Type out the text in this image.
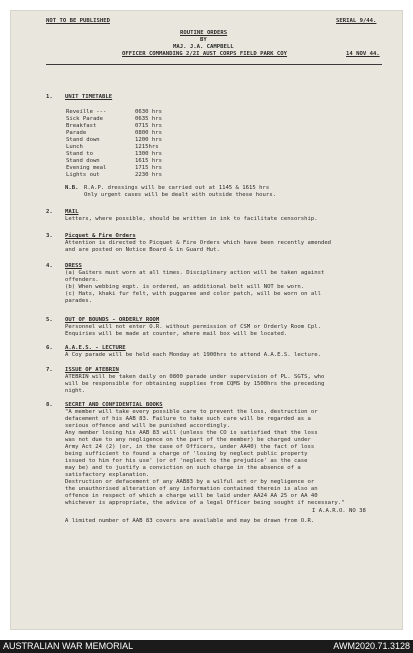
NOT TO BE PUBLISHED	SERIAL 9/44.
ROUTINE ORDERS
BY
MAJ. J.A. CAMPBELL
OFFICER COMMANDING 2/2I AUST CORPS FIELD PARK COY	14 NOV 44.
1. UNIT TIMETABLE
Reveille ---	0630 hrs
Sick Parade	0635 hrs
Breakfast	0715 hrs
Parade	0800 hrs
Stand down	1200 hrs
Lunch	1215hrs
Stand to	1300 hrs
Stand down	1615 hrs
Evening meal	1715 hrs
Lights out	2230 hrs
N.B. R.A.P. dressings will be carried out at 1145 & 1615 hrs
Only urgent cases will be dealt with outside these hours.
2. MAIL
Letters, where possible, should be written in ink to facilitate censorship.
3. Picquet & Fire Orders
Attention is directed to Picquet & Fire Orders which have been recently amended
and are posted on Notice Board & in Guard Hut.
4. DRESS
(a) Gaiters must worn at all times. Disciplinary action will be taken against
offenders.
(b) When webbing eqpt. is ordered, an additional belt will NOT be worn.
(c) Hats, khaki fur felt, with puggaree and color patch, will be worn on all
parades.
5. OUT OF BOUNDS - ORDERLY ROOM
Personnel will not enter O.R. without permission of CSM or Orderly Room Cpl.
Enquiries will be made at counter, where mail box will be located.
6. A.A.E.S. - LECTURE
A Coy parade will be held each Monday at 1900hrs to attend A.A.E.S. lecture.
7. ISSUE OF ATEBRIN
ATEBRIN will be taken daily on 0800 parade under supervision of PL. SGTS, who
will be responsible for obtaining supplies from CQMS by 1500hrs the preceding
night.
8. SECRET AND CONFIDENTIAL BOOKS
"A member will take every possible care to prevent the loss, destruction or
defacement of his AAB 83. Failure to take such care will be regarded as a
serious offence and will be punished accordingly.
Any member losing his AAB 83 will (unless the CO is satisfied that the loss
was not due to any negligence on the part of the member) be charged under
Army Act 24 (2) (or, in the case of Officers, under AA40) the fact of loss
being sufficient to found a charge of 'losing by neglect public property
issued to him for his use' (or of 'neglect to the prejudice' as the case
may be) and to justify a conviction on such charge in the absence of a
satisfactory explanation.
Destruction or defacement of any AAB83 by a wilful act or by negligence or
the unauthorised alteration of any information contained therein is also an
offence in respect of which a charge will be laid under AA24 AA 25 or AA 40
whichever is appropriate, the advice of a legal Officer being sought if necessary."
I A.A.R.O. NO 38
A limited number of AAB 83 covers are available and may be drawn from O.R.
AUSTRALIAN WAR MEMORIAL	AWM2020.71.3128
